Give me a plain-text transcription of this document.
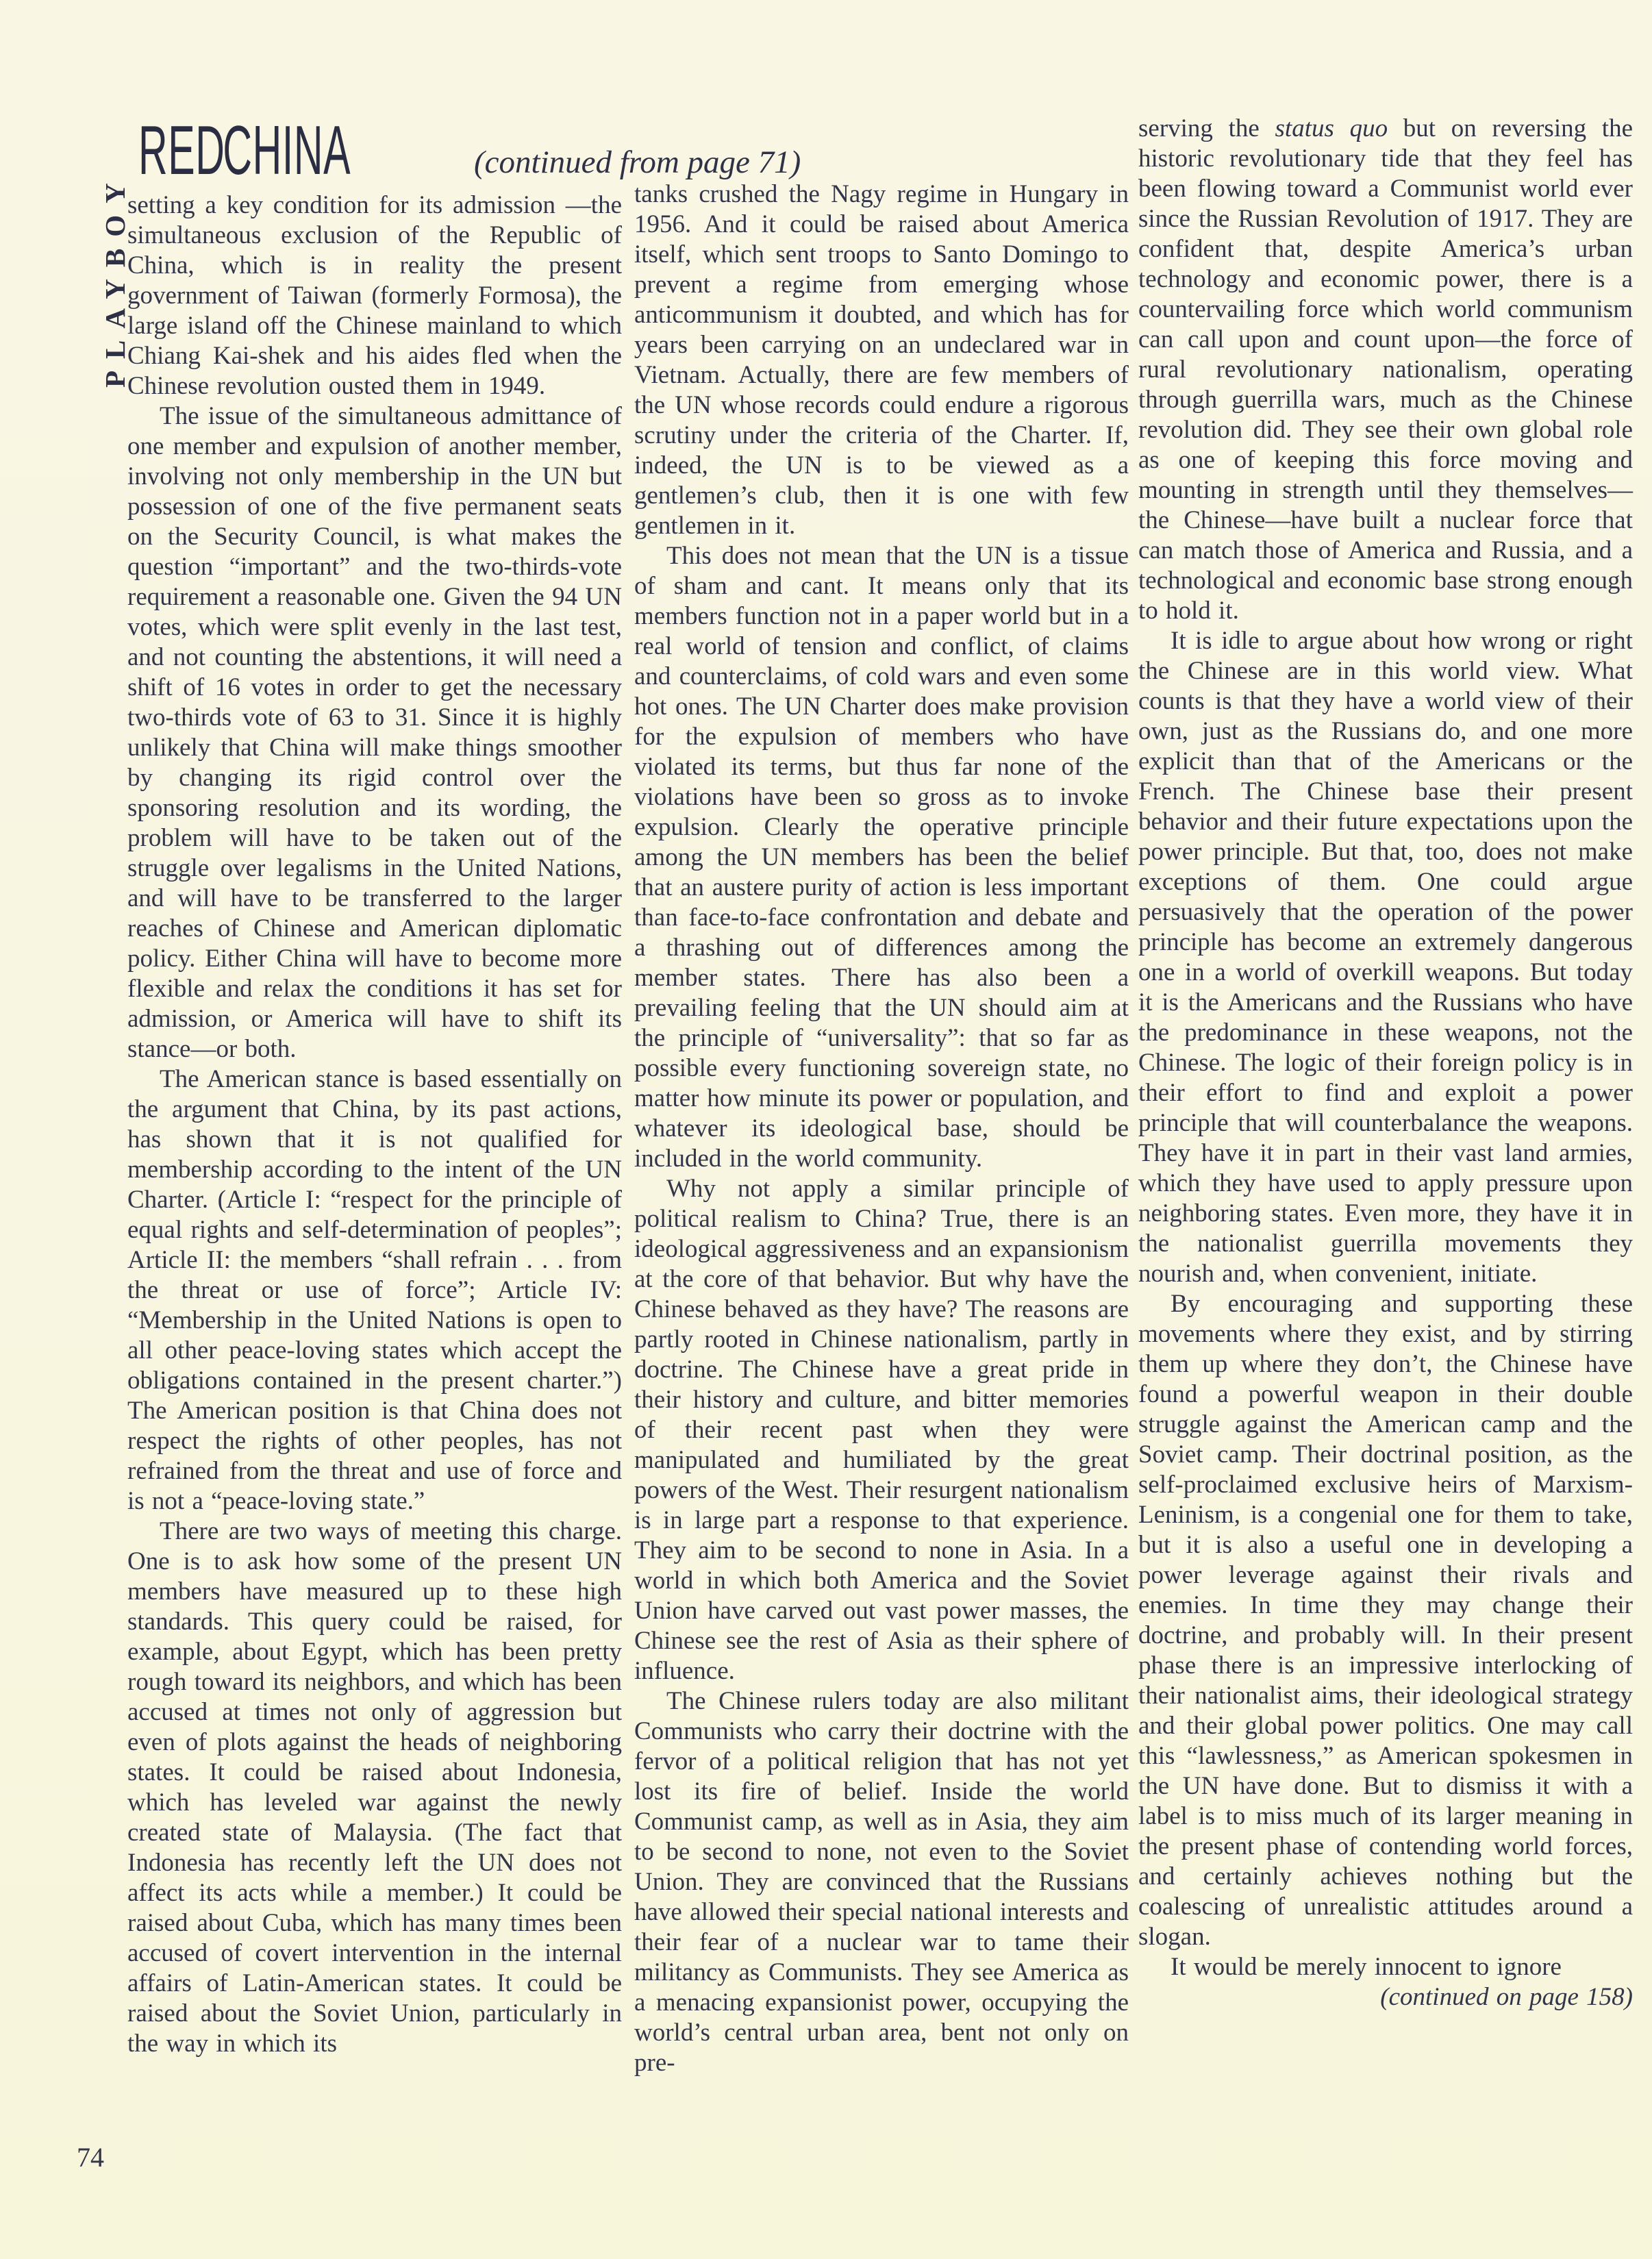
PLAYBOY
RED CHINA	(continued from page 71)

setting a key condition for its admission —the simultaneous exclusion of the Republic of China, which is in reality the present government of Taiwan (formerly Formosa), the large island off the Chinese mainland to which Chiang Kai-shek and his aides fled when the Chinese revolution ousted them in 1949.

The issue of the simultaneous admittance of one member and expulsion of another member, involving not only membership in the UN but possession of one of the five permanent seats on the Security Council, is what makes the question “important” and the two-thirds-vote requirement a reasonable one. Given the 94 UN votes, which were split evenly in the last test, and not counting the abstentions, it will need a shift of 16 votes in order to get the necessary two-thirds vote of 63 to 31. Since it is highly unlikely that China will make things smoother by changing its rigid control over the sponsoring resolution and its wording, the problem will have to be taken out of the struggle over legalisms in the United Nations, and will have to be transferred to the larger reaches of Chinese and American diplomatic policy. Either China will have to become more flexible and relax the conditions it has set for admission, or America will have to shift its stance—or both.

The American stance is based essentially on the argument that China, by its past actions, has shown that it is not qualified for membership according to the intent of the UN Charter. (Article I: “respect for the principle of equal rights and self-determination of peoples”; Article II: the members “shall refrain . . . from the threat or use of force”; Article IV: “Membership in the United Nations is open to all other peace-loving states which accept the obligations contained in the present charter.”) The American position is that China does not respect the rights of other peoples, has not refrained from the threat and use of force and is not a “peace-loving state.”

There are two ways of meeting this charge. One is to ask how some of the present UN members have measured up to these high standards. This query could be raised, for example, about Egypt, which has been pretty rough toward its neighbors, and which has been accused at times not only of aggression but even of plots against the heads of neighboring states. It could be raised about Indonesia, which has leveled war against the newly created state of Malaysia. (The fact that Indonesia has recently left the UN does not affect its acts while a member.) It could be raised about Cuba, which has many times been accused of covert intervention in the internal affairs of Latin-American states. It could be raised about the Soviet Union, particularly in the way in which its

tanks crushed the Nagy regime in Hungary in 1956. And it could be raised about America itself, which sent troops to Santo Domingo to prevent a regime from emerging whose anticommunism it doubted, and which has for years been carrying on an undeclared war in Vietnam. Actually, there are few members of the UN whose records could endure a rigorous scrutiny under the criteria of the Charter. If, indeed, the UN is to be viewed as a gentlemen’s club, then it is one with few gentlemen in it.

This does not mean that the UN is a tissue of sham and cant. It means only that its members function not in a paper world but in a real world of tension and conflict, of claims and counterclaims, of cold wars and even some hot ones. The UN Charter does make provision for the expulsion of members who have violated its terms, but thus far none of the violations have been so gross as to invoke expulsion. Clearly the operative principle among the UN members has been the belief that an austere purity of action is less important than face-to-face confrontation and debate and a thrashing out of differences among the member states. There has also been a prevailing feeling that the UN should aim at the principle of “universality”: that so far as possible every functioning sovereign state, no matter how minute its power or population, and whatever its ideological base, should be included in the world community.

Why not apply a similar principle of political realism to China? True, there is an ideological aggressiveness and an expansionism at the core of that behavior. But why have the Chinese behaved as they have? The reasons are partly rooted in Chinese nationalism, partly in doctrine. The Chinese have a great pride in their history and culture, and bitter memories of their recent past when they were manipulated and humiliated by the great powers of the West. Their resurgent nationalism is in large part a response to that experience. They aim to be second to none in Asia. In a world in which both America and the Soviet Union have carved out vast power masses, the Chinese see the rest of Asia as their sphere of influence.

The Chinese rulers today are also militant Communists who carry their doctrine with the fervor of a political religion that has not yet lost its fire of belief. Inside the world Communist camp, as well as in Asia, they aim to be second to none, not even to the Soviet Union. They are convinced that the Russians have allowed their special national interests and their fear of a nuclear war to tame their militancy as Communists. They see America as a menacing expansionist power, occupying the world’s central urban area, bent not only on pre-

serving the status quo but on reversing the historic revolutionary tide that they feel has been flowing toward a Communist world ever since the Russian Revolution of 1917. They are confident that, despite America’s urban technology and economic power, there is a countervailing force which world communism can call upon and count upon—the force of rural revolutionary nationalism, operating through guerrilla wars, much as the Chinese revolution did. They see their own global role as one of keeping this force moving and mounting in strength until they themselves—the Chinese—have built a nuclear force that can match those of America and Russia, and a technological and economic base strong enough to hold it.

It is idle to argue about how wrong or right the Chinese are in this world view. What counts is that they have a world view of their own, just as the Russians do, and one more explicit than that of the Americans or the French. The Chinese base their present behavior and their future expectations upon the power principle. But that, too, does not make exceptions of them. One could argue persuasively that the operation of the power principle has become an extremely dangerous one in a world of overkill weapons. But today it is the Americans and the Russians who have the predominance in these weapons, not the Chinese. The logic of their foreign policy is in their effort to find and exploit a power principle that will counterbalance the weapons. They have it in part in their vast land armies, which they have used to apply pressure upon neighboring states. Even more, they have it in the nationalist guerrilla movements they nourish and, when convenient, initiate.

By encouraging and supporting these movements where they exist, and by stirring them up where they don’t, the Chinese have found a powerful weapon in their double struggle against the American camp and the Soviet camp. Their doctrinal position, as the self-proclaimed exclusive heirs of Marxism-Leninism, is a congenial one for them to take, but it is also a useful one in developing a power leverage against their rivals and enemies. In time they may change their doctrine, and probably will. In their present phase there is an impressive interlocking of their nationalist aims, their ideological strategy and their global power politics. One may call this “lawlessness,” as American spokesmen in the UN have done. But to dismiss it with a label is to miss much of its larger meaning in the present phase of contending world forces, and certainly achieves nothing but the coalescing of unrealistic attitudes around a slogan.

It would be merely innocent to ignore

(continued on page 158)

74
